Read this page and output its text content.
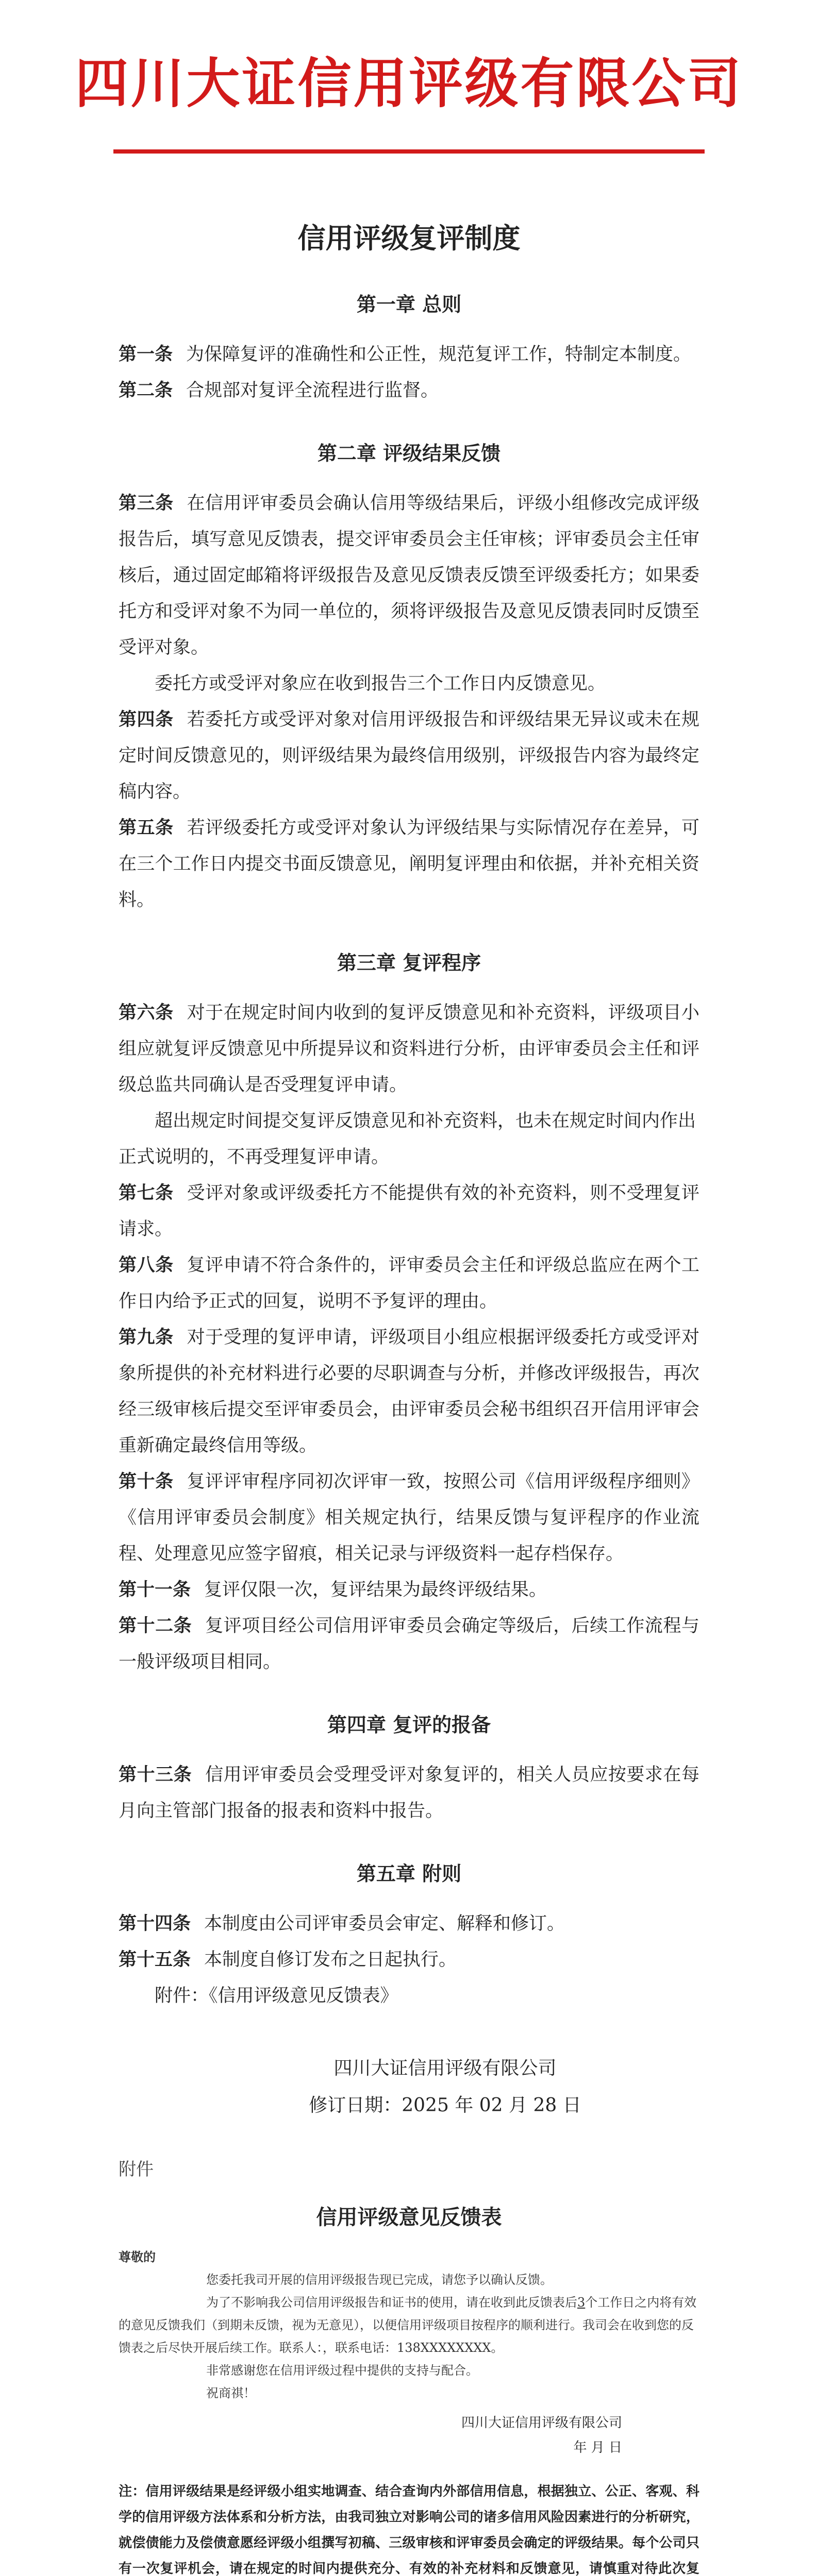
四川大证信用评级有限公司
信用评级复评制度
第一章 总则

第一条 为保障复评的准确性和公正性，规范复评工作，特制定本制度。

第二条 合规部对复评全流程进行监督。

第二章 评级结果反馈

第三条 在信用评审委员会确认信用等级结果后，评级小组修改完成评级报告后，填写意见反馈表，提交评审委员会主任审核；评审委员会主任审核后，通过固定邮箱将评级报告及意见反馈表反馈至评级委托方；如果委托方和受评对象不为同一单位的，须将评级报告及意见反馈表同时反馈至受评对象。

委托方或受评对象应在收到报告三个工作日内反馈意见。

第四条 若委托方或受评对象对信用评级报告和评级结果无异议或未在规定时间反馈意见的，则评级结果为最终信用级别，评级报告内容为最终定稿内容。

第五条 若评级委托方或受评对象认为评级结果与实际情况存在差异，可在三个工作日内提交书面反馈意见，阐明复评理由和依据，并补充相关资料。

第三章 复评程序

第六条 对于在规定时间内收到的复评反馈意见和补充资料，评级项目小组应就复评反馈意见中所提异议和资料进行分析，由评审委员会主任和评级总监共同确认是否受理复评申请。

超出规定时间提交复评反馈意见和补充资料，也未在规定时间内作出正式说明的，不再受理复评申请。

第七条 受评对象或评级委托方不能提供有效的补充资料，则不受理复评请求。

第八条 复评申请不符合条件的，评审委员会主任和评级总监应在两个工作日内给予正式的回复，说明不予复评的理由。

第九条 对于受理的复评申请，评级项目小组应根据评级委托方或受评对象所提供的补充材料进行必要的尽职调查与分析，并修改评级报告，再次经三级审核后提交至评审委员会，由评审委员会秘书组织召开信用评审会重新确定最终信用等级。

第十条 复评评审程序同初次评审一致，按照公司《信用评级程序细则》《信用评审委员会制度》相关规定执行，结果反馈与复评程序的作业流程、处理意见应签字留痕，相关记录与评级资料一起存档保存。

第十一条 复评仅限一次，复评结果为最终评级结果。

第十二条 复评项目经公司信用评审委员会确定等级后，后续工作流程与一般评级项目相同。

第四章 复评的报备

第十三条 信用评审委员会受理受评对象复评的，相关人员应按要求在每月向主管部门报备的报表和资料中报告。

第五章 附则

第十四条 本制度由公司评审委员会审定、解释和修订。

第十五条 本制度自修订发布之日起执行。

附件：《信用评级意见反馈表》
四川大证信用评级有限公司
修订日期：2025 年 02 月 28 日
附件
信用评级意见反馈表
尊敬的
您委托我司开展的信用评级报告现已完成，请您予以确认反馈。
为了不影响我公司信用评级报告和证书的使用，请在收到此反馈表后3个工作日之内将有效的意见反馈我们（到期未反馈，视为无意见），以便信用评级项目按程序的顺利进行。我司会在收到您的反馈表之后尽快开展后续工作。联系人：，联系电话：138XXXXXXXX。
非常感谢您在信用评级过程中提供的支持与配合。
祝商祺！
四川大证信用评级有限公司
年 月 日
注：信用评级结果是经评级小组实地调查、结合查询内外部信用信息，根据独立、公正、客观、科学的信用评级方法体系和分析方法，由我司独立对影响公司的诸多信用风险因素进行的分析研究，就偿债能力及偿债意愿经评级小组撰写初稿、三级审核和评审委员会确定的评级结果。每个公司只有一次复评机会，请在规定的时间内提供充分、有效的补充材料和反馈意见，请慎重对待此次复
